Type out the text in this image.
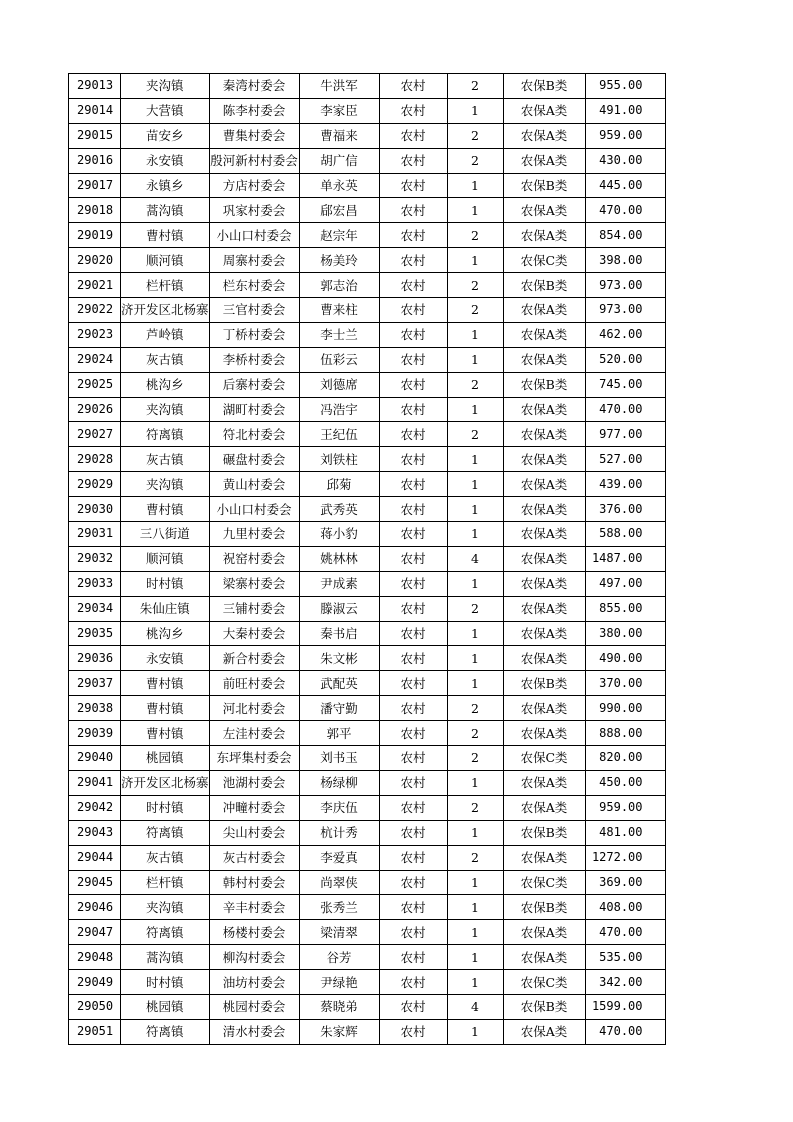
29013	夹沟镇	秦湾村委会	牛洪军	农村	2	农保B类	955.00
29014	大营镇	陈李村委会	李家臣	农村	1	农保A类	491.00
29015	苗安乡	曹集村委会	曹福来	农村	2	农保A类	959.00
29016	永安镇	殷河新村村委会	胡广信	农村	2	农保A类	430.00
29017	永镇乡	方店村委会	单永英	农村	1	农保B类	445.00
29018	蒿沟镇	巩家村委会	郈宏昌	农村	1	农保A类	470.00
29019	曹村镇	小山口村委会	赵宗年	农村	2	农保A类	854.00
29020	顺河镇	周寨村委会	杨美玲	农村	1	农保C类	398.00
29021	栏杆镇	栏东村委会	郭志治	农村	2	农保B类	973.00
29022	济开发区北杨寨	三官村委会	曹来柱	农村	2	农保A类	973.00
29023	芦岭镇	丁桥村委会	李士兰	农村	1	农保A类	462.00
29024	灰古镇	李桥村委会	伍彩云	农村	1	农保A类	520.00
29025	桃沟乡	后寨村委会	刘德席	农村	2	农保B类	745.00
29026	夹沟镇	湖町村委会	冯浩宇	农村	1	农保A类	470.00
29027	符离镇	符北村委会	王纪伍	农村	2	农保A类	977.00
29028	灰古镇	碾盘村委会	刘铁柱	农村	1	农保A类	527.00
29029	夹沟镇	黄山村委会	邱菊	农村	1	农保A类	439.00
29030	曹村镇	小山口村委会	武秀英	农村	1	农保A类	376.00
29031	三八街道	九里村委会	蒋小豹	农村	1	农保A类	588.00
29032	顺河镇	祝窑村委会	姚林林	农村	4	农保A类	1487.00
29033	时村镇	梁寨村委会	尹成素	农村	1	农保A类	497.00
29034	朱仙庄镇	三铺村委会	滕淑云	农村	2	农保A类	855.00
29035	桃沟乡	大秦村委会	秦书启	农村	1	农保A类	380.00
29036	永安镇	新合村委会	朱文彬	农村	1	农保A类	490.00
29037	曹村镇	前旺村委会	武配英	农村	1	农保B类	370.00
29038	曹村镇	河北村委会	潘守勤	农村	2	农保A类	990.00
29039	曹村镇	左洼村委会	郭平	农村	2	农保A类	888.00
29040	桃园镇	东坪集村委会	刘书玉	农村	2	农保C类	820.00
29041	济开发区北杨寨	池湖村委会	杨绿柳	农村	1	农保A类	450.00
29042	时村镇	冲疃村委会	李庆伍	农村	2	农保A类	959.00
29043	符离镇	尖山村委会	杭计秀	农村	1	农保B类	481.00
29044	灰古镇	灰古村委会	李爱真	农村	2	农保A类	1272.00
29045	栏杆镇	韩村村委会	尚翠侠	农村	1	农保C类	369.00
29046	夹沟镇	辛丰村委会	张秀兰	农村	1	农保B类	408.00
29047	符离镇	杨楼村委会	梁清翠	农村	1	农保A类	470.00
29048	蒿沟镇	柳沟村委会	谷芳	农村	1	农保A类	535.00
29049	时村镇	油坊村委会	尹绿艳	农村	1	农保C类	342.00
29050	桃园镇	桃园村委会	蔡晓弟	农村	4	农保B类	1599.00
29051	符离镇	清水村委会	朱家辉	农村	1	农保A类	470.00
